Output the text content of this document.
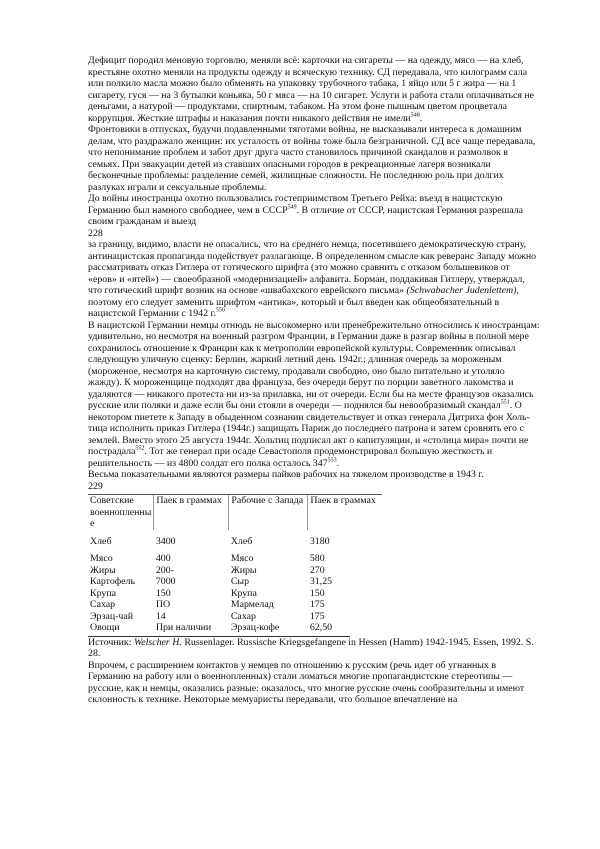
Дефицит породил меновую торговлю, меняли всё: карточки на сигареты — на одежду, мясо — на хлеб, крестьяне охотно меняли на продукты одежду и всяческую технику. СД передавала, что килограмм сала или полкило масла можно было обменять на упаковку трубочного табака, 1 яйцо или 5 г жира — на 1 сигарету, гуся — на 3 бутылки коньяка, 50 г мяса — на 10 сигарет. Услуги и работа стали оплачиваться не деньгами, а натурой — продуктами, спиртным, табаком. На этом фоне пышным цветом процветала коррупция. Жесткие штрафы и наказания почти никакого действия не имели$^{548}$.

Фронтовики в отпусках, будучи подавленными тяготами войны, не высказывали интереса к домашним делам, что раздражало женщин: их усталость от войны тоже была безграничной. СД все чаще передавала, что непонимание проблем и забот друг друга часто становилось причиной скандалов и размолвок в семьях. При эвакуации детей из ставших опасными городов в рекреационные лагеря возникали бесконечные проблемы: разделение семей, жилищные сложности. Не последнюю роль при долгих разлуках играли и сексуальные проблемы.

До войны иностранцы охотно пользовались гостеприимством Третьего Рейха: въезд в нацистскую Германию был намного свободнее, чем в СССР$^{549}$. В отличие от СССР, нацистская Германия разрешала своим гражданам и выезд

228

за границу, видимо, власти не опасались, что на среднего немца, посетившего демократическую страну, антинацистская пропаганда подействует разлагающе. В определенном смысле как реверанс Западу можно рассматривать отказ Гитлера от готического шрифта (это можно сравнить с отказом большевиков от «еров» и «ятей») — своеобразной «модернизацией» алфавита. Борман, поддакивая Гитлеру, утверждал, что готический шрифт возник на основе «швабахского еврейского письма» (Schwabacher Judenlettem), поэтому его следует заменить шрифтом «антика», который и был введен как общеобязательный в нацистской Германии с 1942 г.$^{550}$

В нацистской Германии немцы отнюдь не высокомерно или пренебрежительно относились к иностранцам: удивительно, но несмотря на военный разгром Франции, в Германии даже в разгар войны в полной мере сохранилось отношение к Франции как к метрополии европейской культуры. Современник описывал следующую уличную сценку: Берлин, жаркий летний день 1942г.; длинная очередь за мороженым (мороженое, несмотря на карточную систему, продавали свободно, оно было питательно и утоляло жажду). К мороженщице подходят два француза, без очереди берут по порции заветного лакомства и удаляются — никакого протеста ни из-за прилавка, ни от очереди. Если бы на месте французов оказались русские или поляки и даже если бы они стояли в очереди — поднялся бы невообразимый скандал$^{551}$. О некотором пиетете к Западу в обыденном сознании свидетельствует и отказ генерала Дитриха фон Холь-тица исполнить приказ Гитлера (1944г.) защищать Париж до последнего патрона и затем сровнять его с землей. Вместо этого 25 августа 1944г. Хольтиц подписал акт о капитуляции, и «столица мира» почти не пострадала$^{552}$. Тот же генерал при осаде Севастополя продемонстрировал большую жесткость и решительность — из 4800 солдат его полка осталось $347^{553}$.

Весьма показательными являются размеры пайков рабочих на тяжелом производстве в 1943 г.

229
Советские военнопленны е	Паек в граммах	Рабочие с Запада	Паек в граммах

Хлеб	3400	Хлеб	3180

Мясо	400	Мясо	580
Жиры	200-	Жиры	270
Картофель	7000	Сыр	31,25
Крупа	150	Крупа	150
Сахар	ПО	Мармелад	175
Эрзац-чай	14	Сахар	175
Овощи	При наличии	Эрзац-кофе	62,50

Источник: Welscher H. Russenlager. Russische Kriegsgefangene in Hessen (Hamm) 1942-1945. Essen, 1992. S. 28.

Впрочем, с расширением контактов у немцев по отношению к русским (речь идет об угнанных в Германию на работу или о военнопленных) стали ломаться многие пропагандистские стереотипы — русские, как и немцы, оказались разные: оказалось, что многие русские очень сообразительны и имеют склонность к технике. Некоторые мемуаристы передавали, что большое впечатление на
